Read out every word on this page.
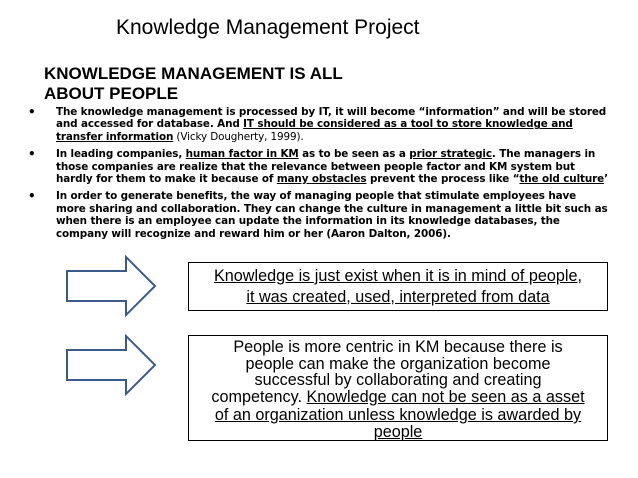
Knowledge Management Project
KNOWLEDGE MANAGEMENT IS ALL
ABOUT PEOPLE
• The knowledge management is processed by IT, it will become “information” and will be stored and accessed for database. And IT should be considered as a tool to store knowledge and transfer information (Vicky Dougherty, 1999).
• In leading companies, human factor in KM as to be seen as a prior strategic. The managers in those companies are realize that the relevance between people factor and KM system but hardly for them to make it because of many obstacles prevent the process like “the old culture’
• In order to generate benefits, the way of managing people that stimulate employees have more sharing and collaboration. They can change the culture in management a little bit such as when there is an employee can update the information in its knowledge databases, the company will recognize and reward him or her (Aaron Dalton, 2006).
Knowledge is just exist when it is in mind of people,
it was created, used, interpreted from data
People is more centric in KM because there is
people can make the organization become
successful by collaborating and creating
competency. Knowledge can not be seen as a asset
of an organization unless knowledge is awarded by
people
